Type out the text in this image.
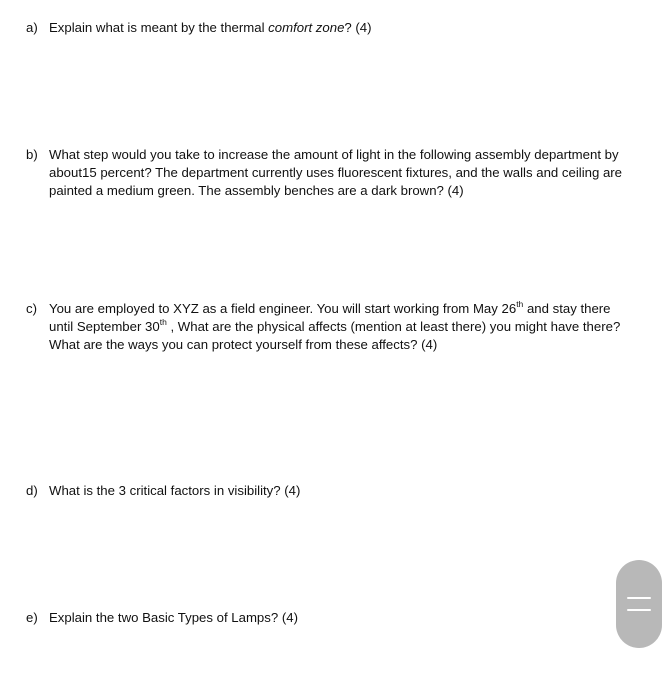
a) Explain what is meant by the thermal comfort zone? (4)
b) What step would you take to increase the amount of light in the following assembly department by
about15 percent? The department currently uses fluorescent fixtures, and the walls and ceiling are
painted a medium green. The assembly benches are a dark brown? (4)
c) You are employed to XYZ as a field engineer. You will start working from May 26th and stay there
until September 30th , What are the physical affects (mention at least there) you might have there?
What are the ways you can protect yourself from these affects? (4)
d) What is the 3 critical factors in visibility? (4)
e) Explain the two Basic Types of Lamps? (4)
